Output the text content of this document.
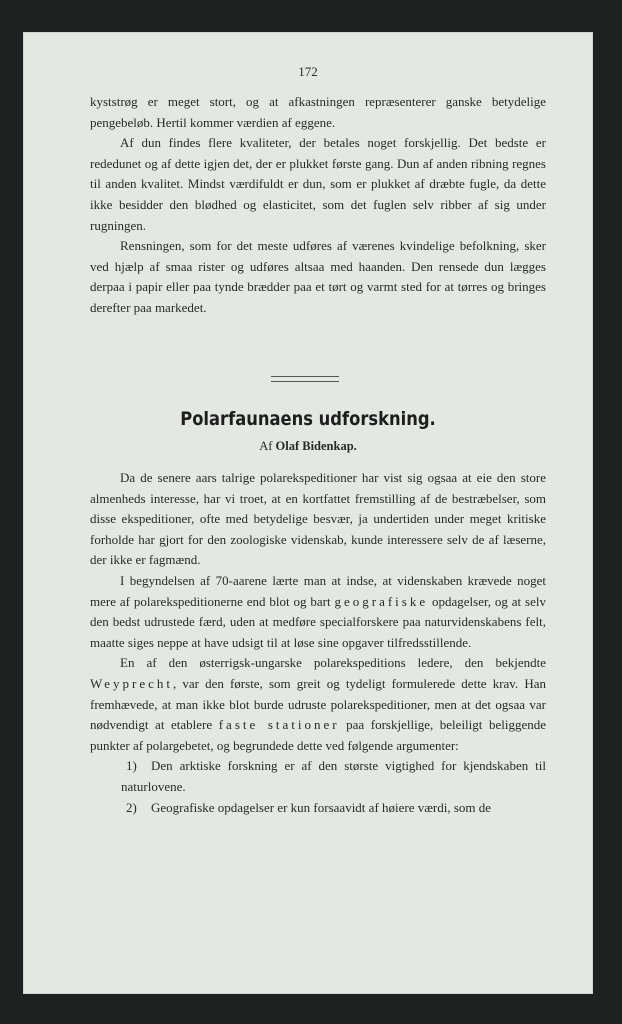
172

kyststrøg er meget stort, og at afkastningen repræsenterer ganske betydelige pengebeløb. Hertil kommer værdien af eggene.

Af dun findes flere kvaliteter, der betales noget forskjellig. Det bedste er rededunet og af dette igjen det, der er plukket første gang. Dun af anden ribning regnes til anden kvalitet. Mindst værdifuldt er dun, som er plukket af dræbte fugle, da dette ikke besidder den blødhed og elasticitet, som det fuglen selv ribber af sig under rugningen.

Rensningen, som for det meste udføres af værenes kvindelige befolkning, sker ved hjælp af smaa rister og udføres altsaa med haanden. Den rensede dun lægges derpaa i papir eller paa tynde brædder paa et tørt og varmt sted for at tørres og bringes derefter paa markedet.

Polarfaunaens udforskning.
Af Olaf Bidenkap.

Da de senere aars talrige polarekspeditioner har vist sig ogsaa at eie den store almenheds interesse, har vi troet, at en kortfattet fremstilling af de bestræbelser, som disse ekspeditioner, ofte med betydelige besvær, ja undertiden under meget kritiske forholde har gjort for den zoologiske videnskab, kunde interessere selv de af læserne, der ikke er fagmænd.

I begyndelsen af 70-aarene lærte man at indse, at videnskaben krævede noget mere af polarekspeditionerne end blot og bart geografiske opdagelser, og at selv den bedst udrustede færd, uden at medføre specialforskere paa naturvidenskabens felt, maatte siges neppe at have udsigt til at løse sine opgaver tilfredsstillende.

En af den østerrigsk-ungarske polarekspeditions ledere, den bekjendte Weyprecht, var den første, som greit og tydeligt formulerede dette krav. Han fremhævede, at man ikke blot burde udruste polarekspeditioner, men at det ogsaa var nødvendigt at etablere faste stationer paa forskjellige, beleiligt beliggende punkter af polargebetet, og begrundede dette ved følgende argumenter:

1) Den arktiske forskning er af den største vigtighed for kjendskaben til naturlovene.

2) Geografiske opdagelser er kun forsaavidt af høiere værdi, som de
